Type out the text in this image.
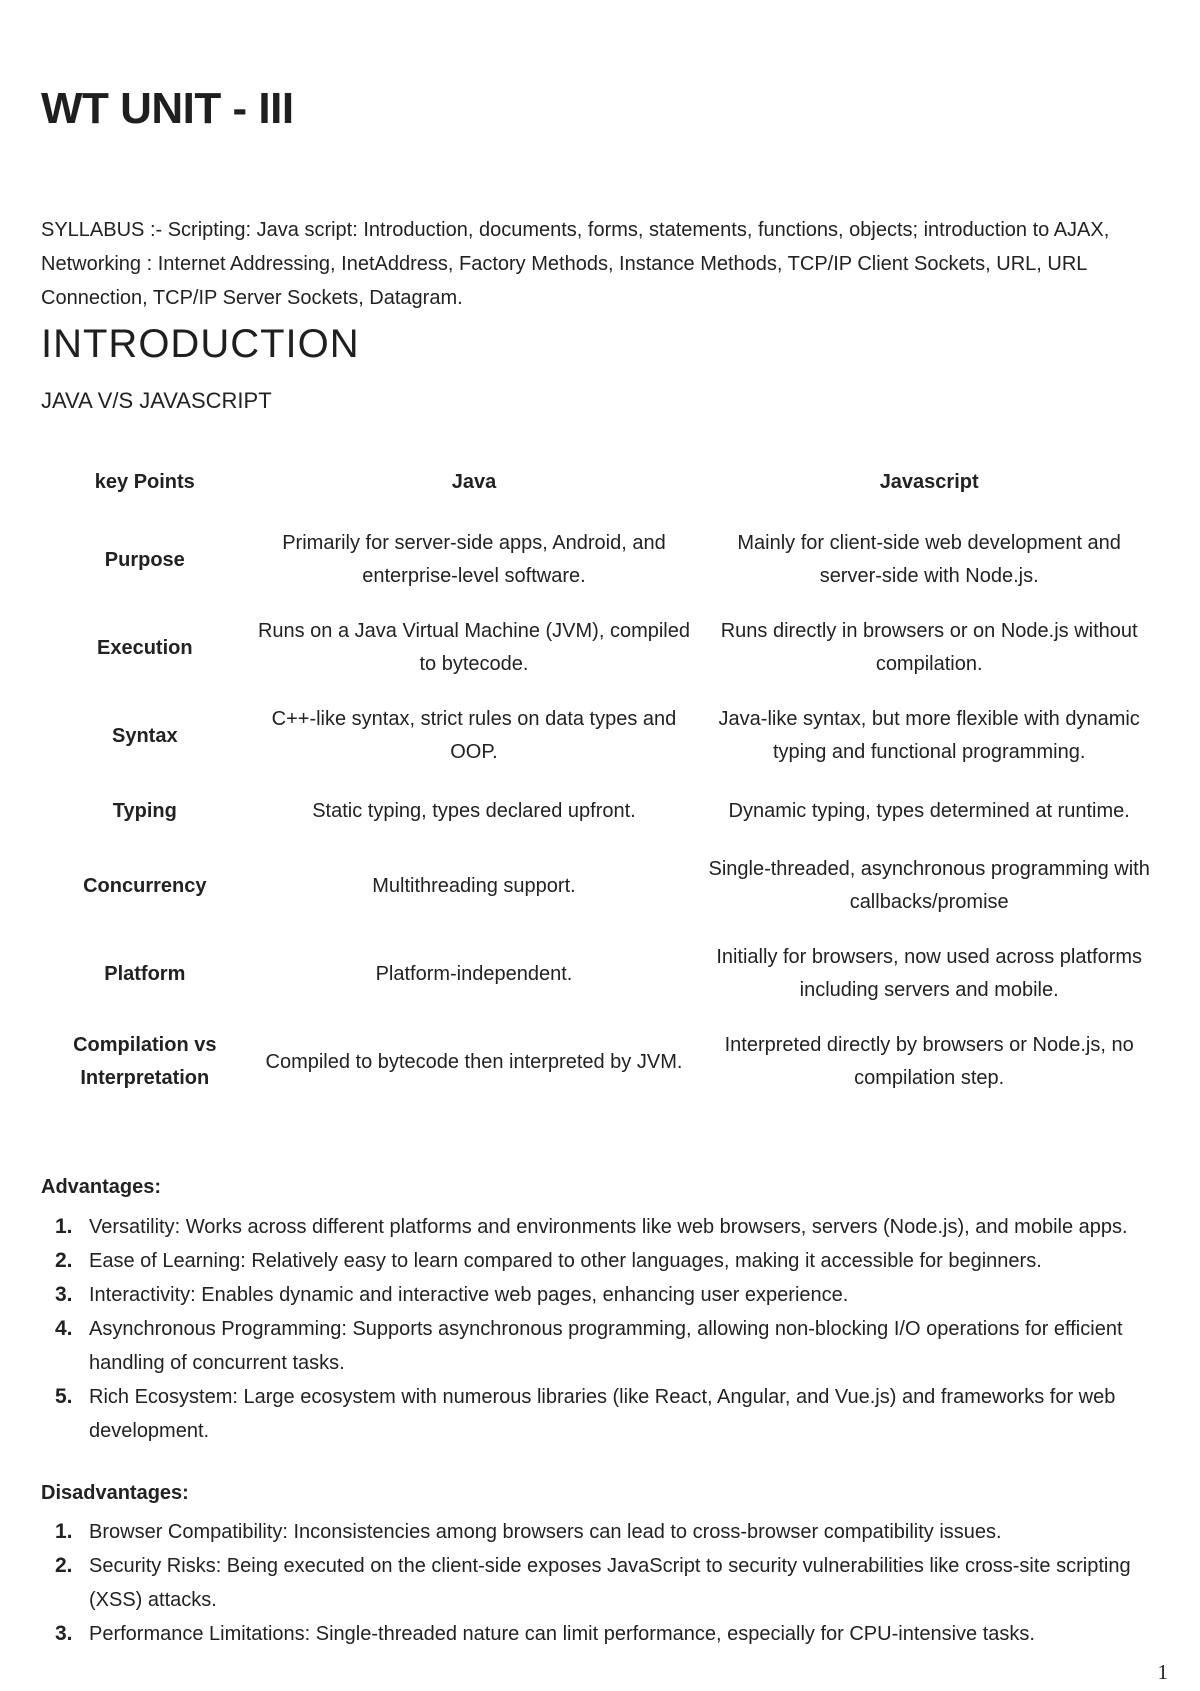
WT UNIT - III

SYLLABUS :- Scripting: Java script: Introduction, documents, forms, statements, functions, objects; introduction to AJAX, Networking : Internet Addressing, InetAddress, Factory Methods, Instance Methods, TCP/IP Client Sockets, URL, URL Connection, TCP/IP Server Sockets, Datagram.

INTRODUCTION

JAVA V/S JAVASCRIPT

key Points	Java	Javascript
Purpose	Primarily for server-side apps, Android, and enterprise-level software.	Mainly for client-side web development and server-side with Node.js.
Execution	Runs on a Java Virtual Machine (JVM), compiled to bytecode.	Runs directly in browsers or on Node.js without compilation.
Syntax	C++-like syntax, strict rules on data types and OOP.	Java-like syntax, but more flexible with dynamic typing and functional programming.
Typing	Static typing, types declared upfront.	Dynamic typing, types determined at runtime.
Concurrency	Multithreading support.	Single-threaded, asynchronous programming with callbacks/promise
Platform	Platform-independent.	Initially for browsers, now used across platforms including servers and mobile.
Compilation vs Interpretation	Compiled to bytecode then interpreted by JVM.	Interpreted directly by browsers or Node.js, no compilation step.

Advantages:

1. Versatility: Works across different platforms and environments like web browsers, servers (Node.js), and mobile apps.
2. Ease of Learning: Relatively easy to learn compared to other languages, making it accessible for beginners.
3. Interactivity: Enables dynamic and interactive web pages, enhancing user experience.
4. Asynchronous Programming: Supports asynchronous programming, allowing non-blocking I/O operations for efficient handling of concurrent tasks.
5. Rich Ecosystem: Large ecosystem with numerous libraries (like React, Angular, and Vue.js) and frameworks for web development.

Disadvantages:

1. Browser Compatibility: Inconsistencies among browsers can lead to cross-browser compatibility issues.
2. Security Risks: Being executed on the client-side exposes JavaScript to security vulnerabilities like cross-site scripting (XSS) attacks.
3. Performance Limitations: Single-threaded nature can limit performance, especially for CPU-intensive tasks.
1
